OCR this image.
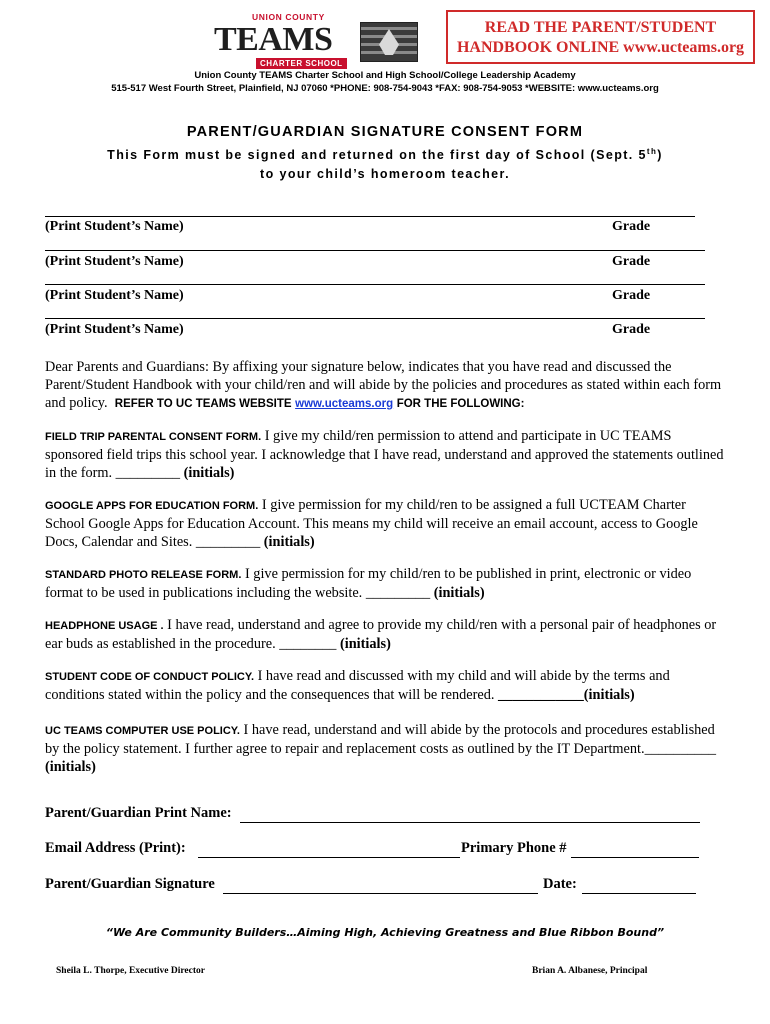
UNION COUNTY
TEAMS
CHARTER SCHOOL
READ THE PARENT/STUDENT
HANDBOOK ONLINE www.ucteams.org
Union County TEAMS Charter School and High School/College Leadership Academy
515-517 West Fourth Street, Plainfield, NJ 07060 *PHONE: 908-754-9043 *FAX: 908-754-9053 *WEBSITE: www.ucteams.org
PARENT/GUARDIAN SIGNATURE CONSENT FORM
This Form must be signed and returned on the first day of School (Sept. 5th)
to your child’s homeroom teacher.
(Print Student’s Name)	Grade
(Print Student’s Name)	Grade
(Print Student’s Name)	Grade
(Print Student’s Name)	Grade
Dear Parents and Guardians: By affixing your signature below, indicates that you have read and discussed the Parent/Student Handbook with your child/ren and will abide by the policies and procedures as stated within each form and policy. REFER TO UC TEAMS WEBSITE www.ucteams.org FOR THE FOLLOWING:
FIELD TRIP PARENTAL CONSENT FORM. I give my child/ren permission to attend and participate in UC TEAMS sponsored field trips this school year. I acknowledge that I have read, understand and approved the statements outlined in the form. _________ (initials)
GOOGLE APPS FOR EDUCATION FORM. I give permission for my child/ren to be assigned a full UCTEAM Charter School Google Apps for Education Account. This means my child will receive an email account, access to Google Docs, Calendar and Sites. _________ (initials)
STANDARD PHOTO RELEASE FORM. I give permission for my child/ren to be published in print, electronic or video format to be used in publications including the website. _________ (initials)
HEADPHONE USAGE . I have read, understand and agree to provide my child/ren with a personal pair of headphones or ear buds as established in the procedure. ________ (initials)
STUDENT CODE OF CONDUCT POLICY. I have read and discussed with my child and will abide by the terms and conditions stated within the policy and the consequences that will be rendered. ____________(initials)
UC TEAMS COMPUTER USE POLICY. I have read, understand and will abide by the protocols and procedures established by the policy statement. I further agree to repair and replacement costs as outlined by the IT Department.__________ (initials)
Parent/Guardian Print Name:
Email Address (Print):	Primary Phone #
Parent/Guardian Signature	Date:
“We Are Community Builders…Aiming High, Achieving Greatness and Blue Ribbon Bound”
Sheila L. Thorpe, Executive Director	Brian A. Albanese, Principal
